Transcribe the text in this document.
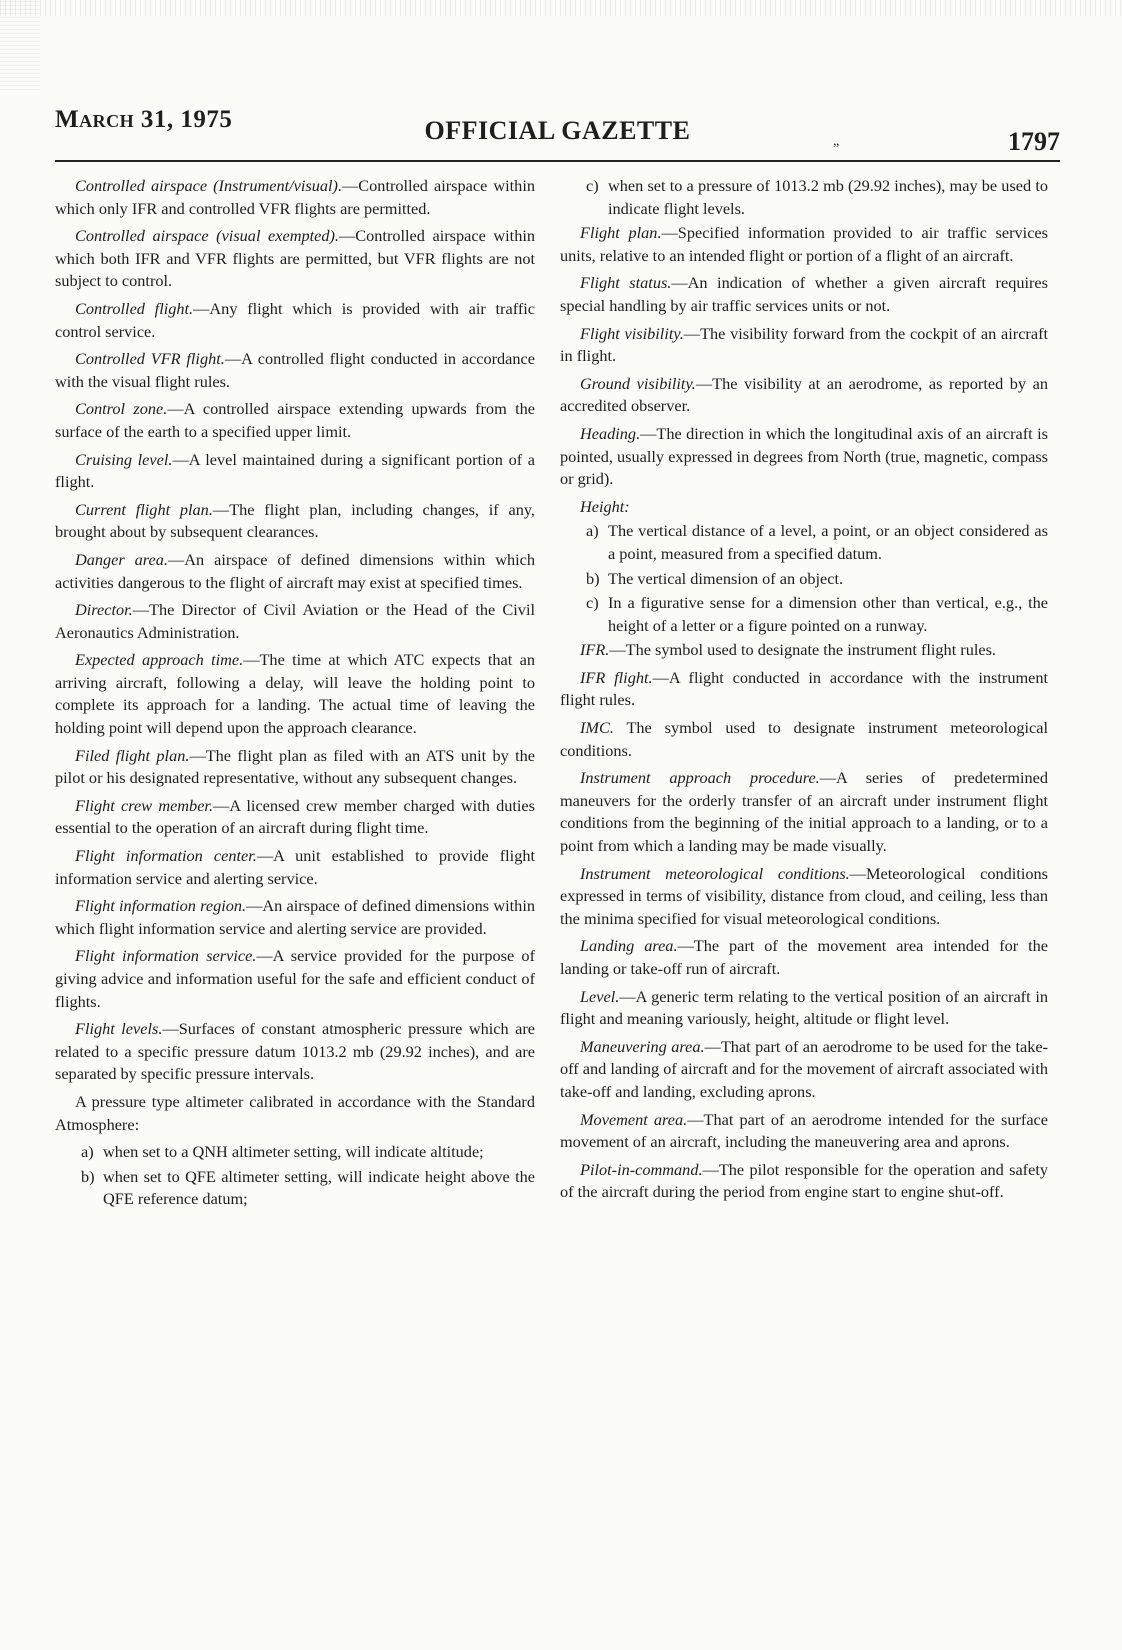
March 31, 1975	OFFICIAL GAZETTE	„	1797

Controlled airspace (Instrument/visual).—Controlled airspace within which only IFR and controlled VFR flights are permitted.

Controlled airspace (visual exempted).—Controlled airspace within which both IFR and VFR flights are permitted, but VFR flights are not subject to control.

Controlled flight.—Any flight which is provided with air traffic control service.

Controlled VFR flight.—A controlled flight conducted in accordance with the visual flight rules.

Control zone.—A controlled airspace extending upwards from the surface of the earth to a specified upper limit.

Cruising level.—A level maintained during a significant portion of a flight.

Current flight plan.—The flight plan, including changes, if any, brought about by subsequent clearances.

Danger area.—An airspace of defined dimensions within which activities dangerous to the flight of aircraft may exist at specified times.

Director.—The Director of Civil Aviation or the Head of the Civil Aeronautics Administration.

Expected approach time.—The time at which ATC expects that an arriving aircraft, following a delay, will leave the holding point to complete its approach for a landing. The actual time of leaving the holding point will depend upon the approach clearance.

Filed flight plan.—The flight plan as filed with an ATS unit by the pilot or his designated representative, without any subsequent changes.

Flight crew member.—A licensed crew member charged with duties essential to the operation of an aircraft during flight time.

Flight information center.—A unit established to provide flight information service and alerting service.

Flight information region.—An airspace of defined dimensions within which flight information service and alerting service are provided.

Flight information service.—A service provided for the purpose of giving advice and information useful for the safe and efficient conduct of flights.

Flight levels.—Surfaces of constant atmospheric pressure which are related to a specific pressure datum 1013.2 mb (29.92 inches), and are separated by specific pressure intervals.

A pressure type altimeter calibrated in accordance with the Standard Atmosphere:

a) when set to a QNH altimeter setting, will indicate altitude;

b) when set to QFE altimeter setting, will indicate height above the QFE reference datum;

c) when set to a pressure of 1013.2 mb (29.92 inches), may be used to indicate flight levels.

Flight plan.—Specified information provided to air traffic services units, relative to an intended flight or portion of a flight of an aircraft.

Flight status.—An indication of whether a given aircraft requires special handling by air traffic services units or not.

Flight visibility.—The visibility forward from the cockpit of an aircraft in flight.

Ground visibility.—The visibility at an aerodrome, as reported by an accredited observer.

Heading.—The direction in which the longitudinal axis of an aircraft is pointed, usually expressed in degrees from North (true, magnetic, compass or grid).

Height:

a) The vertical distance of a level, a point, or an object considered as a point, measured from a specified datum.

b) The vertical dimension of an object.

c) In a figurative sense for a dimension other than vertical, e.g., the height of a letter or a figure pointed on a runway.

IFR.—The symbol used to designate the instrument flight rules.

IFR flight.—A flight conducted in accordance with the instrument flight rules.

IMC. The symbol used to designate instrument meteorological conditions.

Instrument approach procedure.—A series of predetermined maneuvers for the orderly transfer of an aircraft under instrument flight conditions from the beginning of the initial approach to a landing, or to a point from which a landing may be made visually.

Instrument meteorological conditions.—Meteorological conditions expressed in terms of visibility, distance from cloud, and ceiling, less than the minima specified for visual meteorological conditions.

Landing area.—The part of the movement area intended for the landing or take-off run of aircraft.

Level.—A generic term relating to the vertical position of an aircraft in flight and meaning variously, height, altitude or flight level.

Maneuvering area.—That part of an aerodrome to be used for the take-off and landing of aircraft and for the movement of aircraft associated with take-off and landing, excluding aprons.

Movement area.—That part of an aerodrome intended for the surface movement of an aircraft, including the maneuvering area and aprons.

Pilot-in-command.—The pilot responsible for the operation and safety of the aircraft during the period from engine start to engine shut-off.
